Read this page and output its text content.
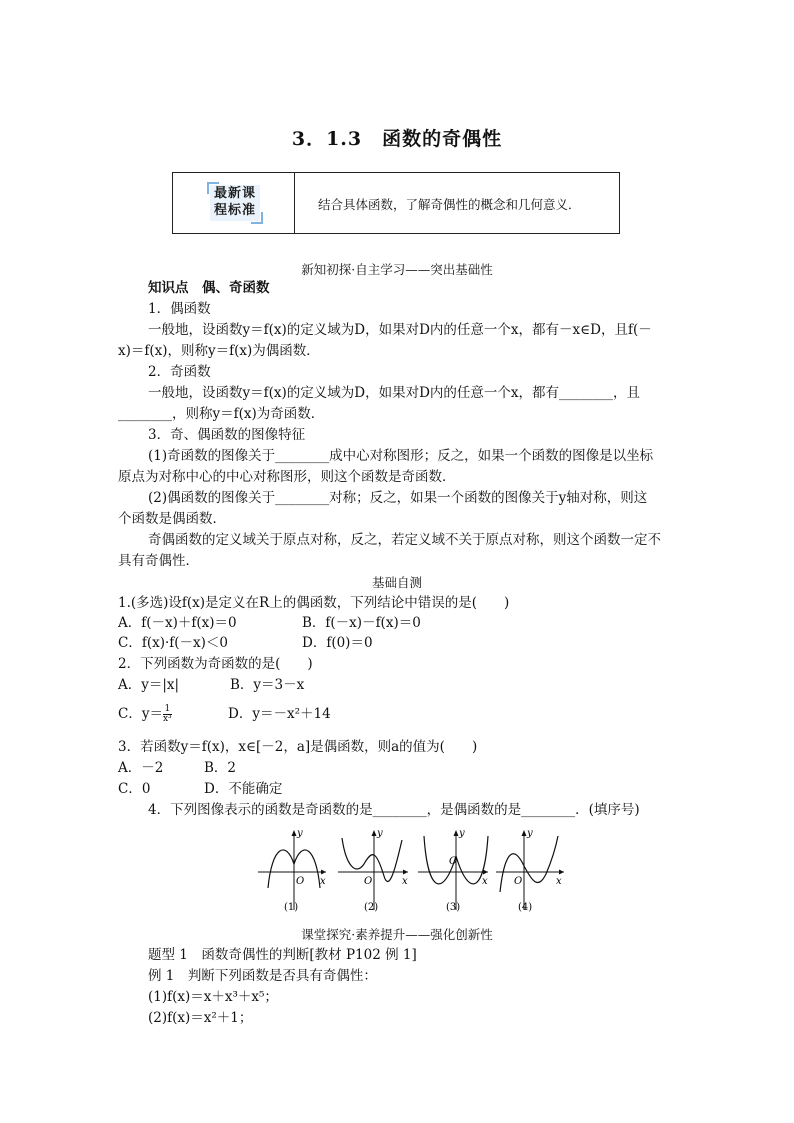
3．1.3　函数的奇偶性
最新课
程标准	结合具体函数，了解奇偶性的概念和几何意义．
新知初探·自主学习——突出基础性
知识点　偶、奇函数
1．偶函数
一般地，设函数y＝f(x)的定义域为D，如果对D内的任意一个x，都有－x∈D，且f(－
x)＝f(x)，则称y＝f(x)为偶函数．
2．奇函数
一般地，设函数y＝f(x)的定义域为D，如果对D内的任意一个x，都有________，且
________，则称y＝f(x)为奇函数．
3．奇、偶函数的图像特征
(1)奇函数的图像关于________成中心对称图形；反之，如果一个函数的图像是以坐标
原点为对称中心的中心对称图形，则这个函数是奇函数．
(2)偶函数的图像关于________对称；反之，如果一个函数的图像关于y轴对称，则这
个函数是偶函数．
奇偶函数的定义域关于原点对称，反之，若定义域不关于原点对称，则这个函数一定不
具有奇偶性．
基础自测
1.(多选)设f(x)是定义在R上的偶函数，下列结论中错误的是(　　)
A．f(－x)＋f(x)＝0	B．f(－x)－f(x)＝0
C．f(x)·f(－x)＜0	D．f(0)＝0
2．下列函数为奇函数的是(　　)
A．y＝|x|	B．y＝3－x
C．$y= \frac{1}{\text{x³}}$	D．y＝－x²＋14
3．若函数y＝f(x)，x∈[－2，a]是偶函数，则a的值为(　　)
A．－2	B．2
C．0	D．不能确定
4．下列图像表示的函数是奇函数的是________，是偶函数的是________．(填序号)
y
x
O
(1)
y
x
O
(2)
y
x
O
(3)
y
x
O
(4)
课堂探究·素养提升——强化创新性
题型 1　函数奇偶性的判断[教材 P102 例 1]
例 1　判断下列函数是否具有奇偶性：
(1)f(x)＝x＋x³＋x⁵；
(2)f(x)＝x²＋1；
